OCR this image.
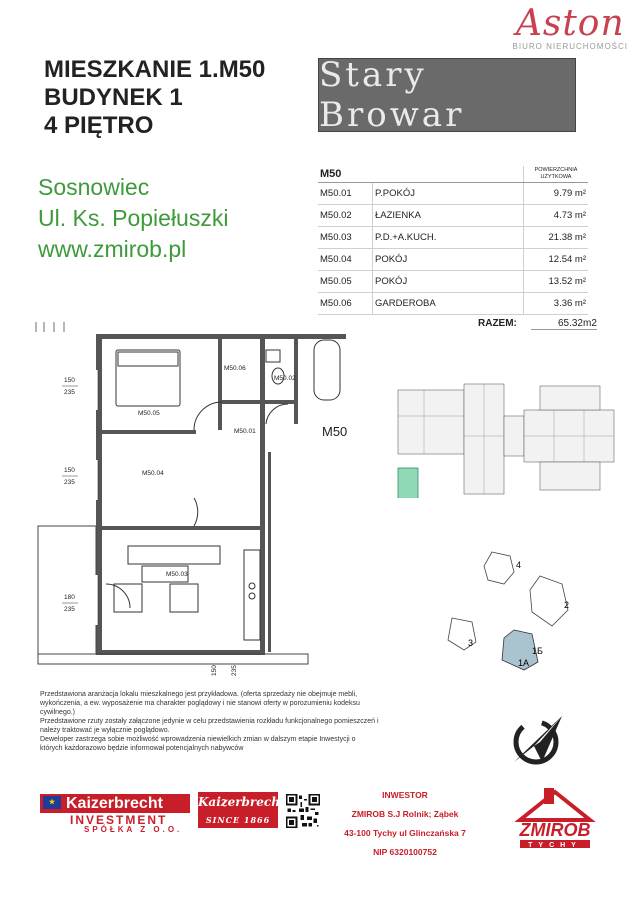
Aston
BIURO NIERUCHOMOŚCI
MIESZKANIE 1.M50
BUDYNEK 1
4 PIĘTRO
Stary Browar
Sosnowiec
Ul. Ks. Popiełuszki
www.zmirob.pl
M50		POWIERZCHNIA UŻYTKOWA

M50.01	P.POKÓJ	9.79 m²
M50.02	ŁAZIENKA	4.73 m²
M50.03	P.D.+A.KUCH.	21.38 m²
M50.04	POKÓJ	12.54 m²
M50.05	POKÓJ	13.52 m²
M50.06	GARDEROBA	3.36 m²
RAZEM:	65.32m2
M50.06
M50.02
M50.05
M50.01
M50.04
M50.03
M50
150
235
150
235
180
235
150 235
4
2
3
1Б
1A

Przedstawiona aranżacja lokalu mieszkalnego jest przykładowa. (oferta sprzedaży nie obejmuje mebli, wykończenia, a ew. wyposażenie ma charakter poglądowy i nie stanowi oferty w porozumieniu kodeksu cywilnego.)

Przedstawione rzuty zostały załączone jedynie w celu przedstawienia rozkładu funkcjonalnego pomieszczeń i należy traktować je wyłącznie poglądowo.

Deweloper zastrzega sobie możliwość wprowadzenia niewielkich zmian w dalszym etapie Inwestycji o których każdorazowo będzie informował potencjalnych nabywców

★ Kaizerbrecht
INVESTMENT
SPÓŁKA Z O.O.
Kaizerbrecht
SINCE 1866
INWESTOR
ZMIROB S.J Rolnik; Ząbek
43-100 Tychy ul Glinczańska 7
NIP 6320100752
ZMIROB
TYCHY
